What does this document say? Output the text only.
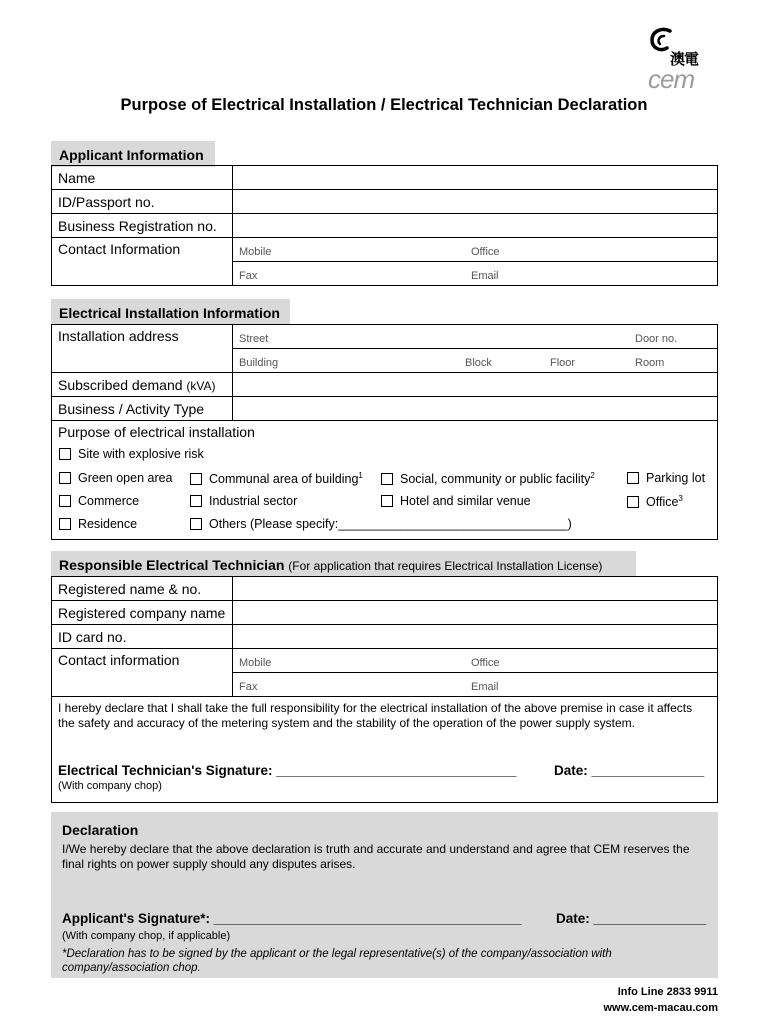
澳電
cem
Purpose of Electrical Installation / Electrical Technician Declaration
Applicant Information
Name	
ID/Passport no.	
Business Registration no.	
Contact Information	Mobile Office
	Fax Email
Electrical Installation Information
Installation address	Street Door no.
	Building Block Floor Room
Subscribed demand (kVA)	
Business / Activity Type	
Purpose of electrical installation	
Site with explosive risk
Green open area	Communal area of building$^1$	Social, community or public facility$^2$	Parking lot
Commerce	Industrial sector	Hotel and similar venue	Office$^3$
Residence	Others (Please specify:_________________________________)
Responsible Electrical Technician (For application that requires Electrical Installation License)
Registered name & no.	
Registered company name	
ID card no.	
Contact information	Mobile Office
	Fax Email

I hereby declare that I shall take the full responsibility for the electrical installation of the above premise in case it affects the safety and accuracy of the metering system and the stability of the operation of the power supply system.	
Electrical Technician's Signature: ________________________________	Date: _______________
(With company chop)
Declaration
I/We hereby declare that the above declaration is truth and accurate and understand and agree that CEM reserves the final rights on power supply should any disputes arises.
Applicant's Signature*: _________________________________________	Date: _______________
(With company chop, if applicable)
*Declaration has to be signed by the applicant or the legal representative(s) of the company/association with company/association chop.
Info Line 2833 9911
www.cem-macau.com
